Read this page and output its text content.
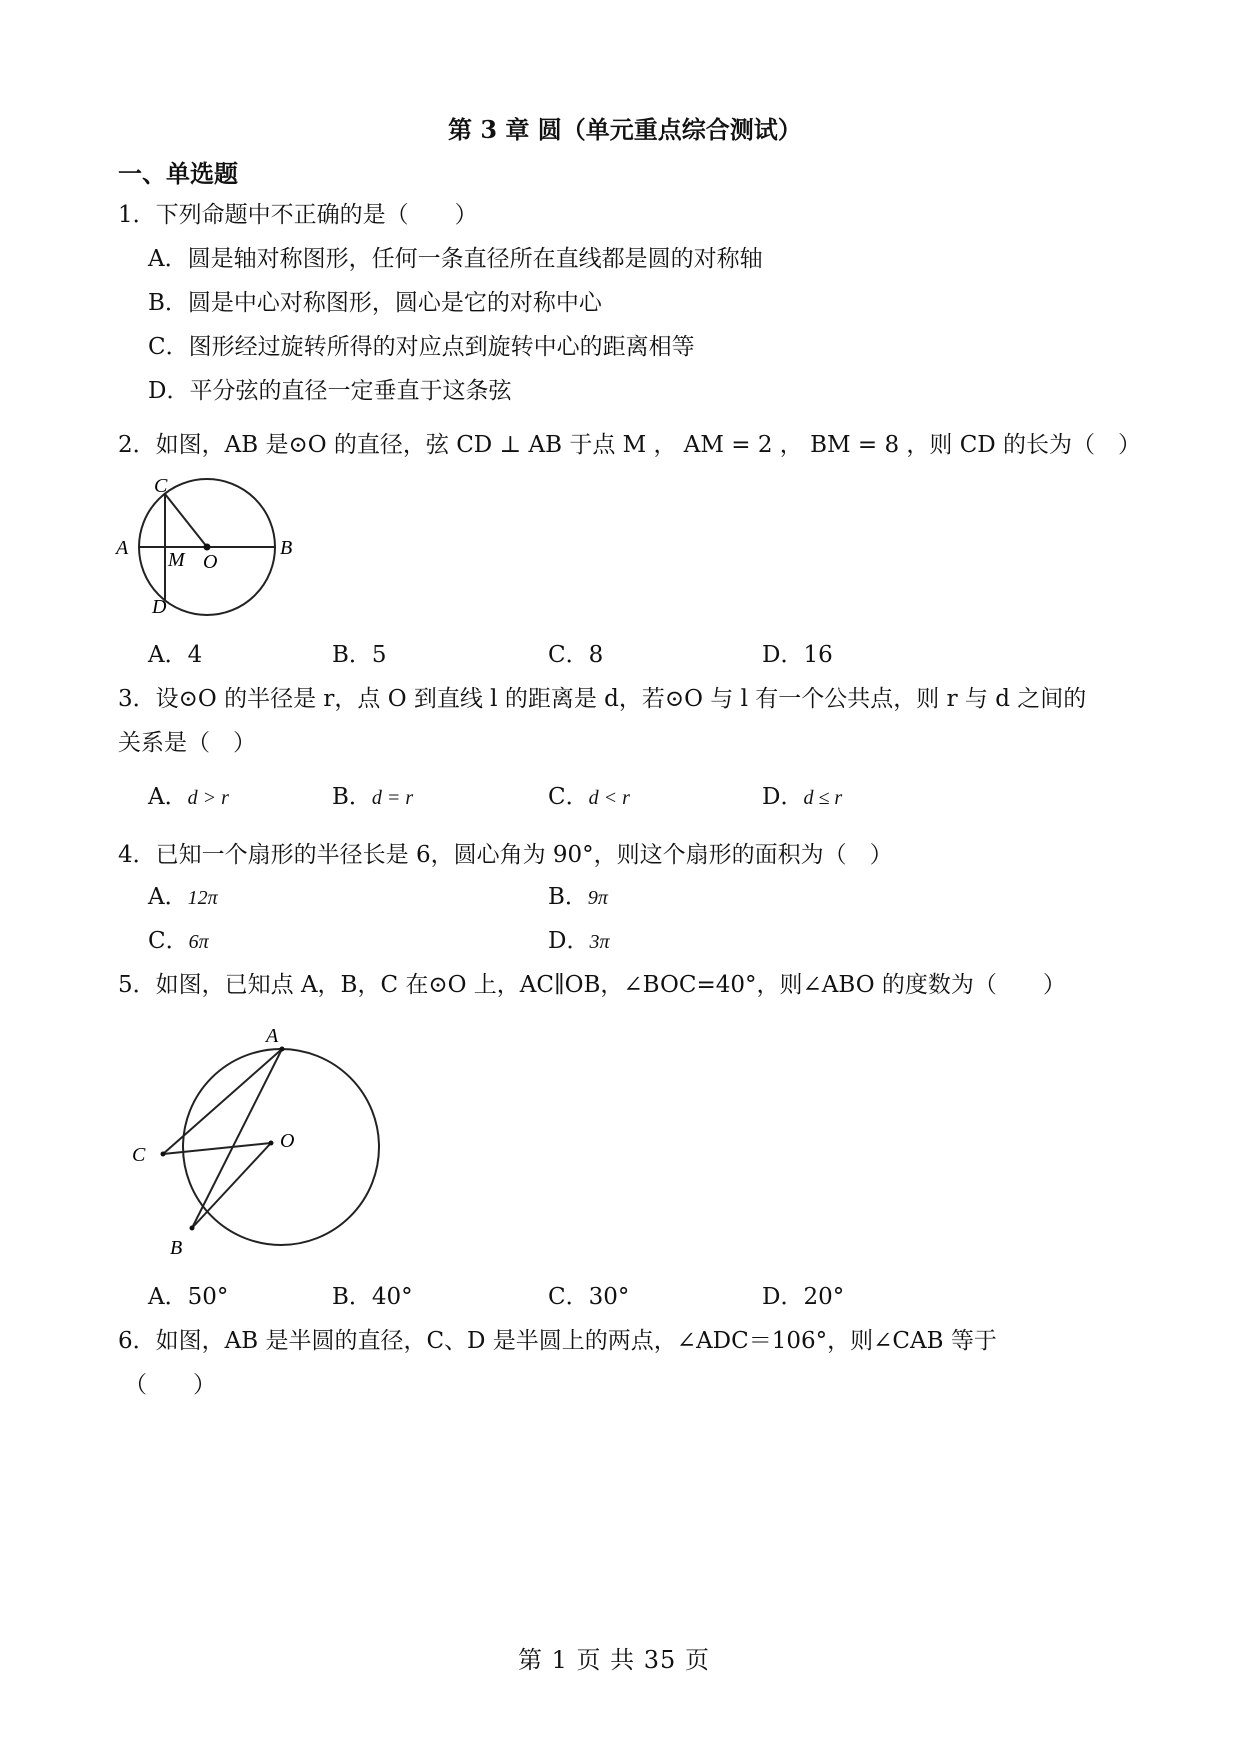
第 3 章 圆（单元重点综合测试）
一、单选题
1．下列命题中不正确的是（　　）
A．圆是轴对称图形，任何一条直径所在直线都是圆的对称轴
B．圆是中心对称图形，圆心是它的对称中心
C．图形经过旋转所得的对应点到旋转中心的距离相等
D．平分弦的直径一定垂直于这条弦
2．如图，AB 是⊙O 的直径，弦 CD ⊥ AB 于点 M ， AM = 2 ， BM = 8 ，则 CD 的长为（　）
C
A
M O
B
D
A．4	B．5	C．8	D．16
3．设⊙O 的半径是 r，点 O 到直线 l 的距离是 d，若⊙O 与 l 有一个公共点，则 r 与 d 之间的
关系是（　）
A．d > r	B．d = r	C．d < r	D．d ≤ r
4．已知一个扇形的半径长是 6，圆心角为 90°，则这个扇形的面积为（　）
A．12π	B．9π
C．6π	D．3π
5．如图，已知点 A，B，C 在⊙O 上，AC∥OB，∠BOC=40°，则∠ABO 的度数为（　　）
A
C
O
B
A．50°	B．40°	C．30°	D．20°
6．如图，AB 是半圆的直径，C、D 是半圆上的两点，∠ADC＝106°，则∠CAB 等于
（　　）
第 1 页 共 35 页
